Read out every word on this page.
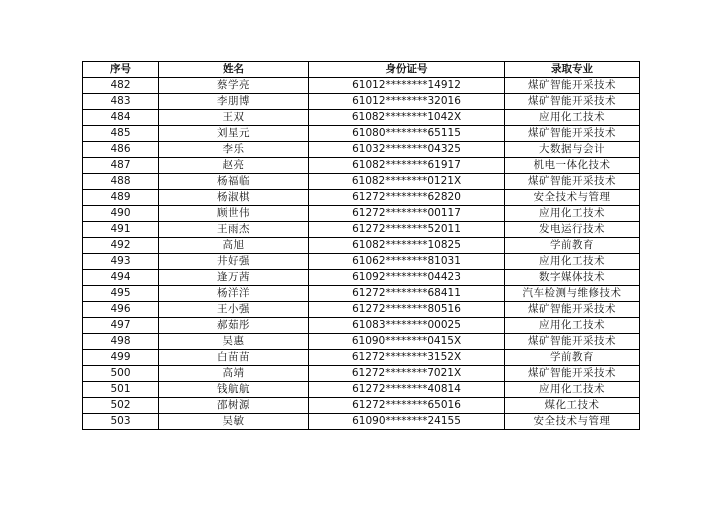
序号	姓名	身份证号	录取专业
482	蔡学亮	61012********14912	煤矿智能开采技术
483	李朋博	61012********32016	煤矿智能开采技术
484	王双	61082********1042X	应用化工技术
485	刘星元	61080********65115	煤矿智能开采技术
486	李乐	61032********04325	大数据与会计
487	赵亮	61082********61917	机电一体化技术
488	杨福临	61082********0121X	煤矿智能开采技术
489	杨淑棋	61272********62820	安全技术与管理
490	顾世伟	61272********00117	应用化工技术
491	王雨杰	61272********52011	发电运行技术
492	高旭	61082********10825	学前教育
493	井好强	61062********81031	应用化工技术
494	逢万茜	61092********04423	数字媒体技术
495	杨洋洋	61272********68411	汽车检测与维修技术
496	王小强	61272********80516	煤矿智能开采技术
497	郝茹彤	61083********00025	应用化工技术
498	吴惠	61090********0415X	煤矿智能开采技术
499	白苗苗	61272********3152X	学前教育
500	高靖	61272********7021X	煤矿智能开采技术
501	钱航航	61272********40814	应用化工技术
502	邵树源	61272********65016	煤化工技术
503	吴敏	61090********24155	安全技术与管理
